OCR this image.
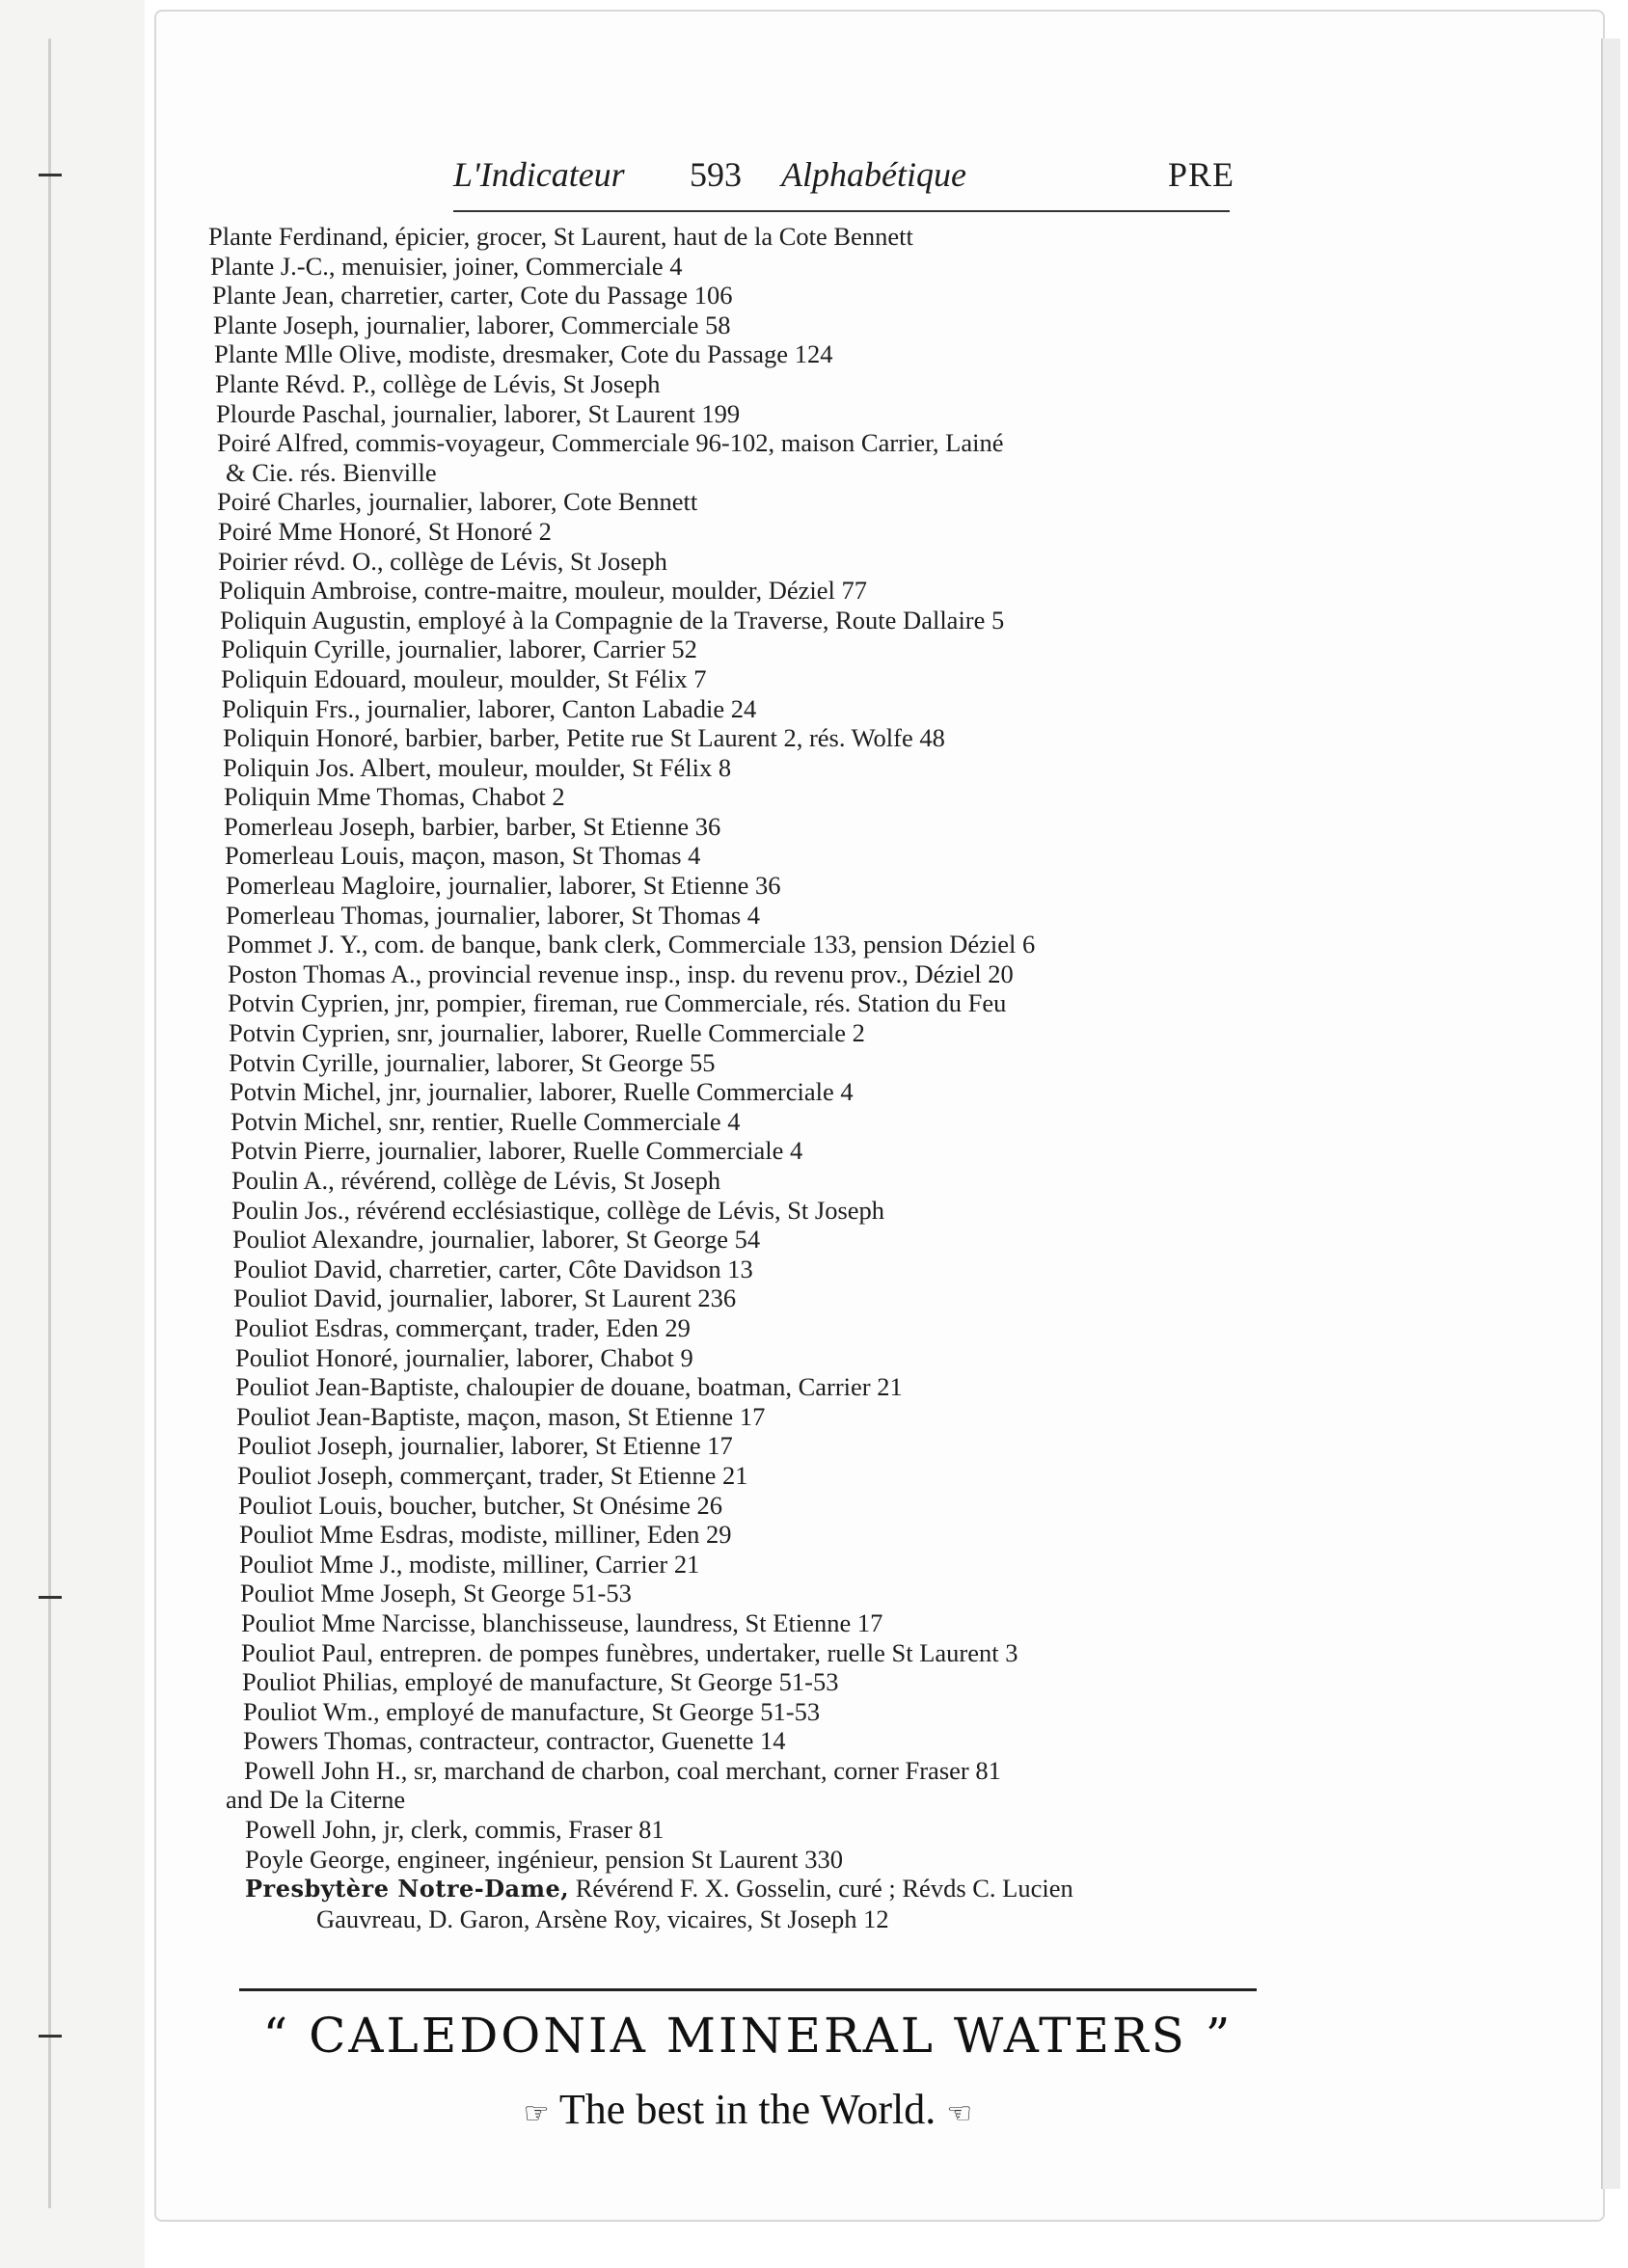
L'Indicateur 593 Alphabétique	PRE
Plante Ferdinand, épicier, grocer, St Laurent, haut de la Cote Bennett
Plante J.-C., menuisier, joiner, Commerciale 4
Plante Jean, charretier, carter, Cote du Passage 106
Plante Joseph, journalier, laborer, Commerciale 58
Plante Mlle Olive, modiste, dresmaker, Cote du Passage 124
Plante Révd. P., collège de Lévis, St Joseph
Plourde Paschal, journalier, laborer, St Laurent 199
Poiré Alfred, commis-voyageur, Commerciale 96-102, maison Carrier, Lainé
& Cie. rés. Bienville
Poiré Charles, journalier, laborer, Cote Bennett
Poiré Mme Honoré, St Honoré 2
Poirier révd. O., collège de Lévis, St Joseph
Poliquin Ambroise, contre-maitre, mouleur, moulder, Déziel 77
Poliquin Augustin, employé à la Compagnie de la Traverse, Route Dallaire 5
Poliquin Cyrille, journalier, laborer, Carrier 52
Poliquin Edouard, mouleur, moulder, St Félix 7
Poliquin Frs., journalier, laborer, Canton Labadie 24
Poliquin Honoré, barbier, barber, Petite rue St Laurent 2, rés. Wolfe 48
Poliquin Jos. Albert, mouleur, moulder, St Félix 8
Poliquin Mme Thomas, Chabot 2
Pomerleau Joseph, barbier, barber, St Etienne 36
Pomerleau Louis, maçon, mason, St Thomas 4
Pomerleau Magloire, journalier, laborer, St Etienne 36
Pomerleau Thomas, journalier, laborer, St Thomas 4
Pommet J. Y., com. de banque, bank clerk, Commerciale 133, pension Déziel 6
Poston Thomas A., provincial revenue insp., insp. du revenu prov., Déziel 20
Potvin Cyprien, jnr, pompier, fireman, rue Commerciale, rés. Station du Feu
Potvin Cyprien, snr, journalier, laborer, Ruelle Commerciale 2
Potvin Cyrille, journalier, laborer, St George 55
Potvin Michel, jnr, journalier, laborer, Ruelle Commerciale 4
Potvin Michel, snr, rentier, Ruelle Commerciale 4
Potvin Pierre, journalier, laborer, Ruelle Commerciale 4
Poulin A., révérend, collège de Lévis, St Joseph
Poulin Jos., révérend ecclésiastique, collège de Lévis, St Joseph
Pouliot Alexandre, journalier, laborer, St George 54
Pouliot David, charretier, carter, Côte Davidson 13
Pouliot David, journalier, laborer, St Laurent 236
Pouliot Esdras, commerçant, trader, Eden 29
Pouliot Honoré, journalier, laborer, Chabot 9
Pouliot Jean-Baptiste, chaloupier de douane, boatman, Carrier 21
Pouliot Jean-Baptiste, maçon, mason, St Etienne 17
Pouliot Joseph, journalier, laborer, St Etienne 17
Pouliot Joseph, commerçant, trader, St Etienne 21
Pouliot Louis, boucher, butcher, St Onésime 26
Pouliot Mme Esdras, modiste, milliner, Eden 29
Pouliot Mme J., modiste, milliner, Carrier 21
Pouliot Mme Joseph, St George 51-53
Pouliot Mme Narcisse, blanchisseuse, laundress, St Etienne 17
Pouliot Paul, entrepren. de pompes funèbres, undertaker, ruelle St Laurent 3
Pouliot Philias, employé de manufacture, St George 51-53
Pouliot Wm., employé de manufacture, St George 51-53
Powers Thomas, contracteur, contractor, Guenette 14
Powell John H., sr, marchand de charbon, coal merchant, corner Fraser 81
and De la Citerne
Powell John, jr, clerk, commis, Fraser 81
Poyle George, engineer, ingénieur, pension St Laurent 330
Presbytère Notre-Dame, Révérend F. X. Gosselin, curé ; Révds C. Lucien
Gauvreau, D. Garon, Arsène Roy, vicaires, St Joseph 12
“ CALEDONIA MINERAL WATERS ”
☞ The best in the World. ☜
